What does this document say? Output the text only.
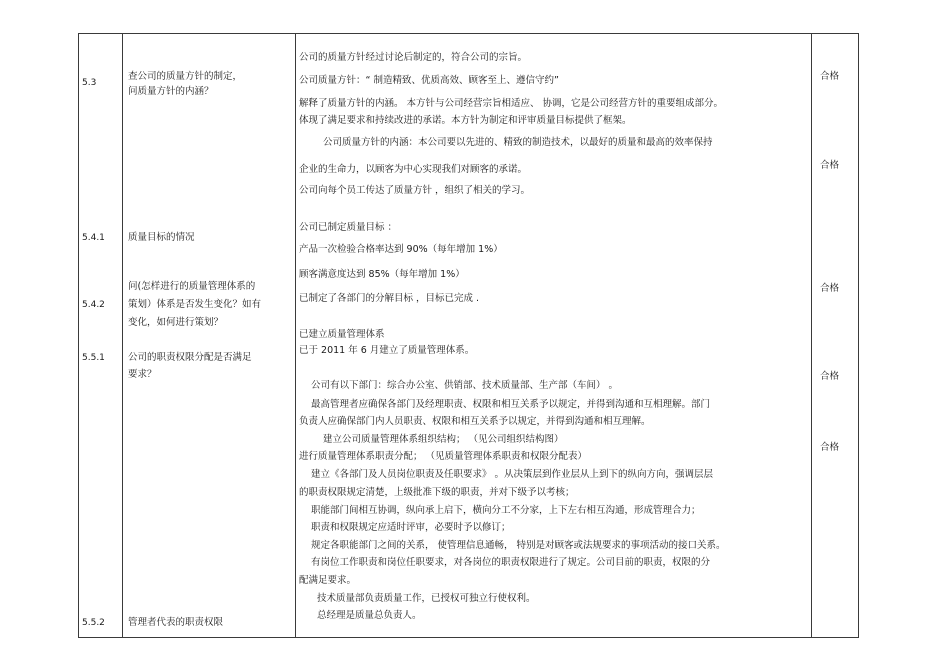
5.3
5.4.1
5.4.2
5.5.1
5.5.2
查公司的质量方针的制定，
问质量方针的内涵？
质量目标的情况
问(怎样进行的质量管理体系的
策划）体系是否发生变化？如有
变化，如何进行策划？
公司的职责权限分配是否满足
要求？
管理者代表的职责权限
公司的质量方针经过讨论后制定的，符合公司的宗旨。
公司质量方针：“ 制造精致、优质高效、顾客至上、遵信守约”
解释了质量方针的内涵。 本方针与公司经营宗旨相适应、 协调，它是公司经营方针的重要组成部分。
体现了满足要求和持续改进的承诺。本方针为制定和评审质量目标提供了框架。
公司质量方针的内涵：本公司要以先进的、精致的制造技术，以最好的质量和最高的效率保持
企业的生命力，以顾客为中心实现我们对顾客的承诺。
公司向每个员工传达了质量方针 ，组织了相关的学习。
公司已制定质量目标 ：
产品一次检验合格率达到 90%（每年增加 1%）
顾客满意度达到 85%（每年增加 1%）
已制定了各部门的分解目标 ，目标已完成 .
已建立质量管理体系
已于 2011 年 6 月建立了质量管理体系。
公司有以下部门：综合办公室、供销部、技术质量部、生产部（车间） 。
最高管理者应确保各部门及经理职责、权限和相互关系予以规定，并得到沟通和互相理解。部门
负责人应确保部门内人员职责、权限和相互关系予以规定，并得到沟通和相互理解。
建立公司质量管理体系组织结构； （见公司组织结构图）
进行质量管理体系职责分配； （见质量管理体系职责和权限分配表）
建立《各部门及人员岗位职责及任职要求》 。从决策层到作业层从上到下的纵向方向，强调层层
的职责权限规定清楚，上级批准下级的职责，并对下级予以考核；
职能部门间相互协调，纵向承上启下，横向分工不分家，上下左右相互沟通，形成管理合力；
职责和权限规定应适时评审，必要时予以修订；
规定各职能部门之间的关系， 使管理信息通畅， 特别是对顾客或法规要求的事项活动的接口关系。
有岗位工作职责和岗位任职要求，对各岗位的职责权限进行了规定。公司目前的职责，权限的分
配满足要求。
技术质量部负责质量工作，已授权可独立行使权利。
总经理是质量总负责人。
合格
合格
合格
合格
合格
